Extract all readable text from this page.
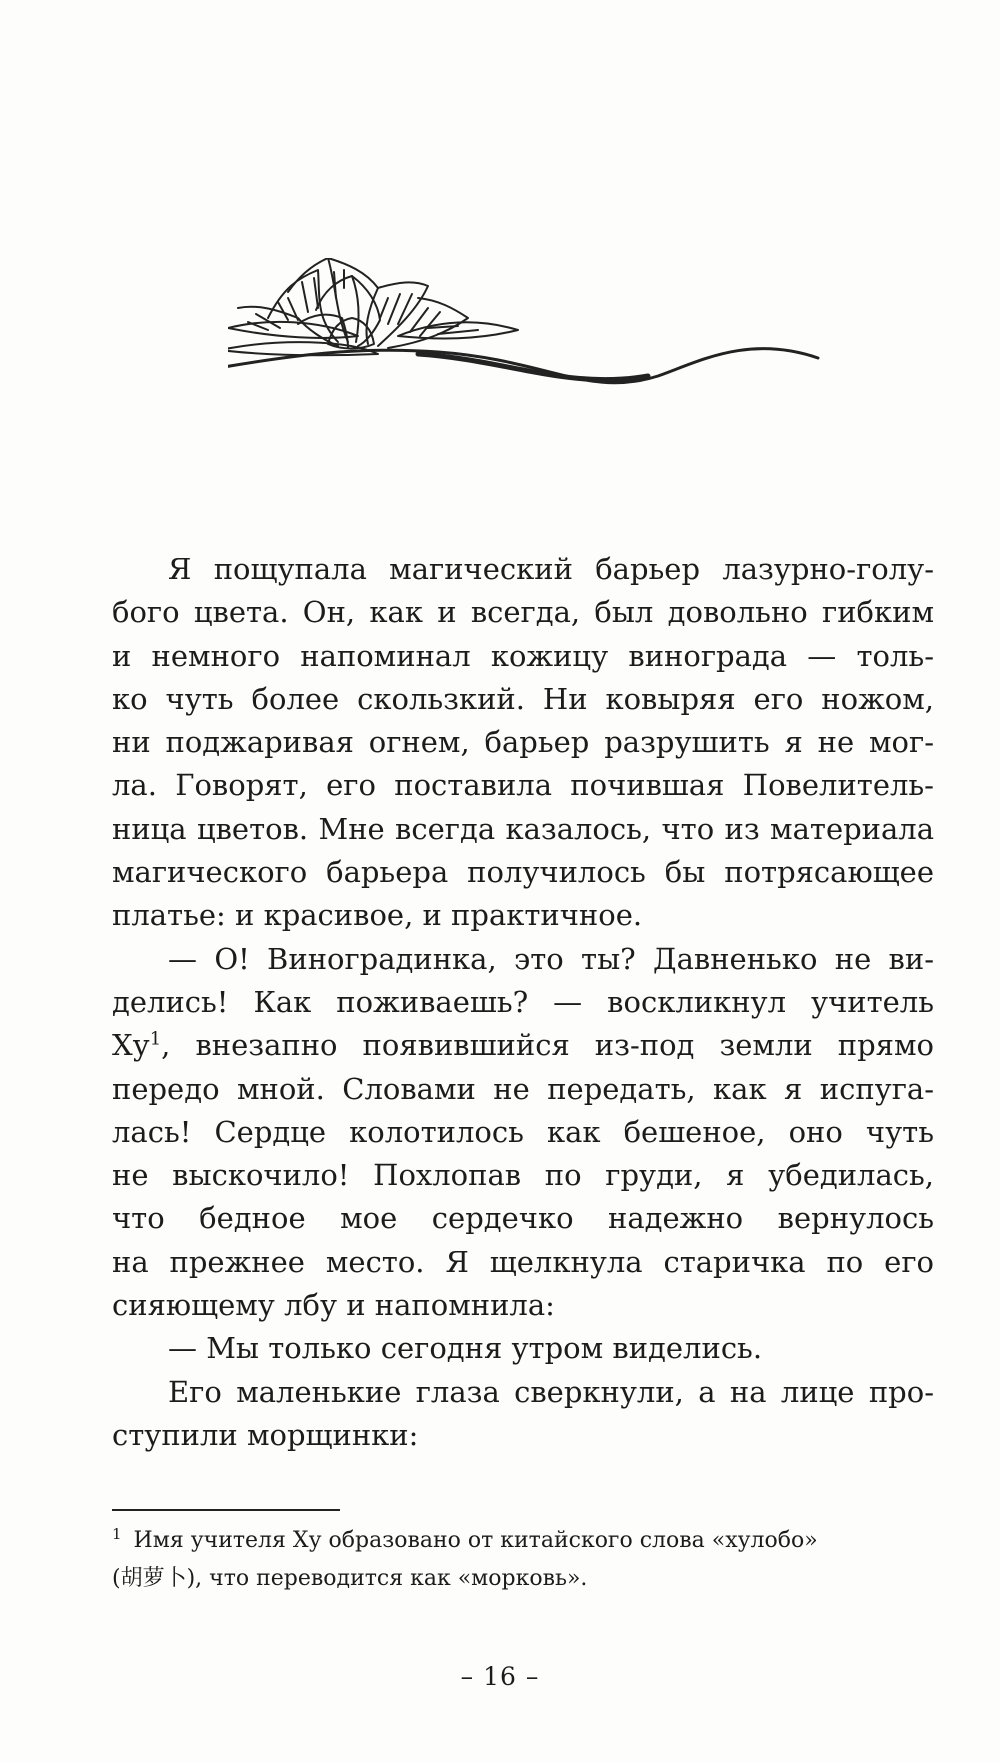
Я пощупала магический барьер лазурно-голу-
бого цвета. Он, как и всегда, был довольно гибким
и немного напоминал кожицу винограда — толь-
ко чуть более скользкий. Ни ковыряя его ножом,
ни поджаривая огнем, барьер разрушить я не мог-
ла. Говорят, его поставила почившая Повелитель-
ница цветов. Мне всегда казалось, что из материала
магического барьера получилось бы потрясающее
платье: и красивое, и практичное.
— О! Виноградинка, это ты? Давненько не ви-
делись! Как поживаешь? — воскликнул учитель
$Ху^1$, внезапно появившийся из-под земли прямо
передо мной. Словами не передать, как я испуга-
лась! Сердце колотилось как бешеное, оно чуть
не выскочило! Похлопав по груди, я убедилась,
что бедное мое сердечко надежно вернулось
на прежнее место. Я щелкнула старичка по его
сияющему лбу и напомнила:
— Мы только сегодня утром виделись.
Его маленькие глаза сверкнули, а на лице про-
ступили морщинки:
$^1$ Имя учителя Ху образовано от китайского слова «хулобо»
(胡萝卜), что переводится как «морковь».
– 16 –
